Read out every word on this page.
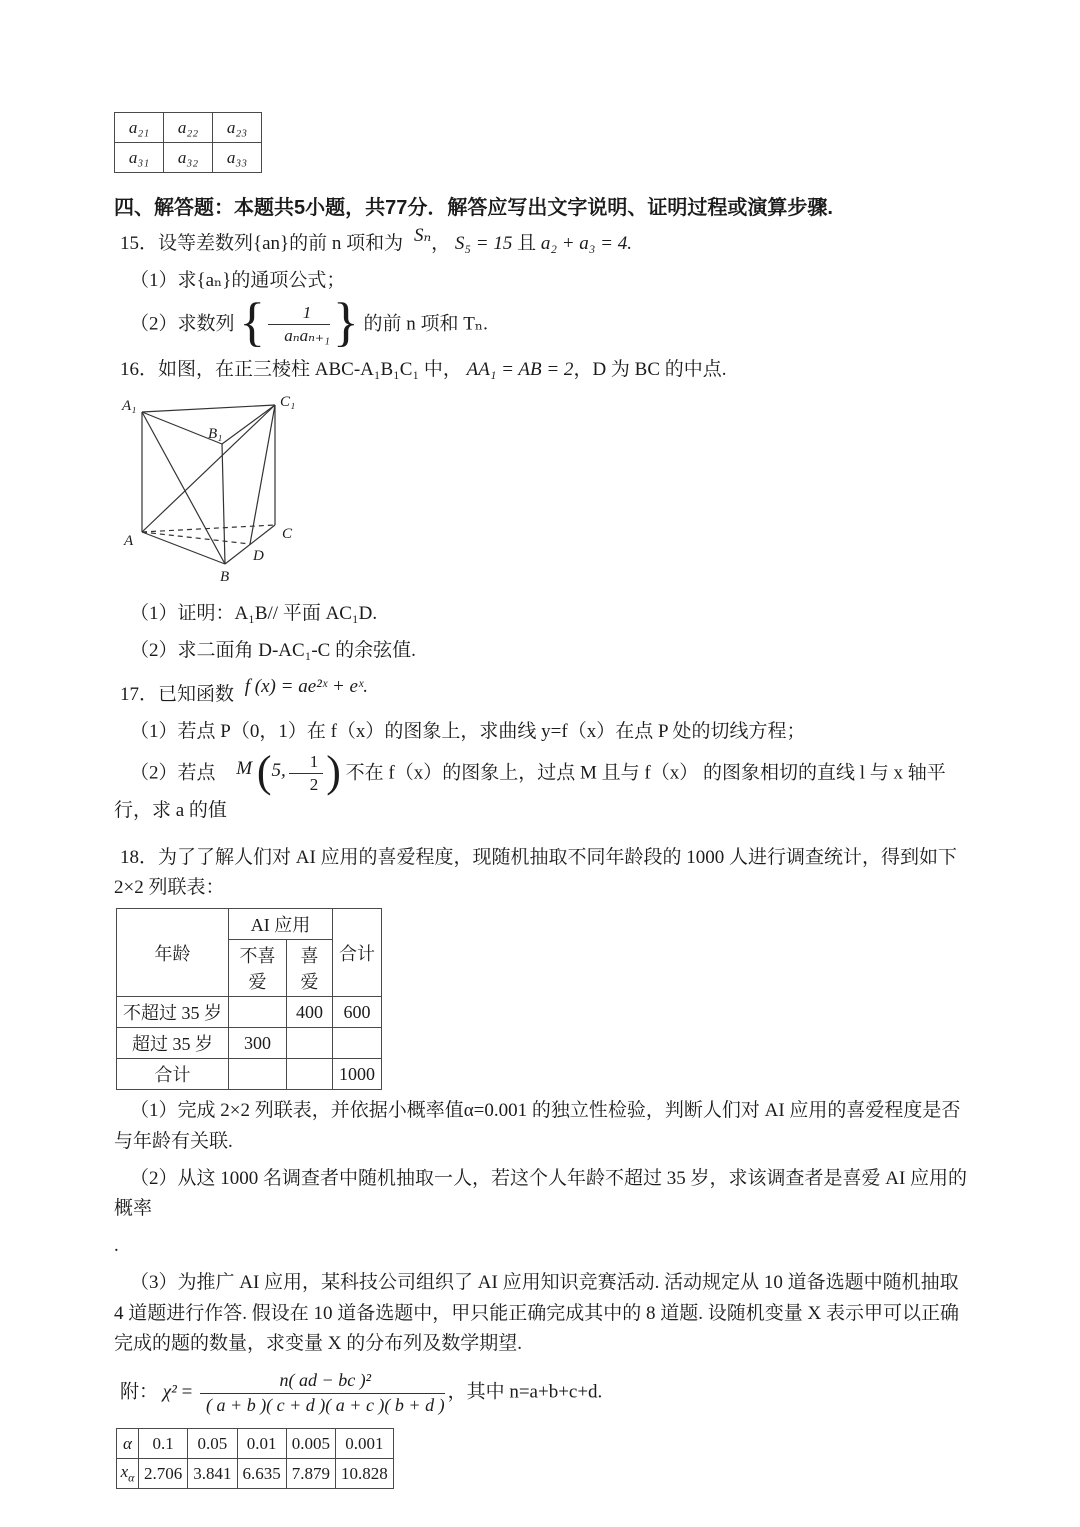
a₂₁	a₂₂	a₂₃
a₃₁	a₃₂	a₃₃
四、解答题：本题共5小题，共77分．解答应写出文字说明、证明过程或演算步骤.

15．设等差数列{an}的前 n 项和为 Sₙ， S₅ = 15 且 a₂ + a₃ = 4.

（1）求{aₙ}的通项公式；

（2）求数列 { $\frac{1}{\text{aₙaₙ₊₁}}$ } 的前 n 项和 Tₙ.

16．如图，在正三棱柱 ABC-A₁B₁C₁ 中， AA₁ = AB = 2，D 为 BC 的中点.

A₁
B₁
C₁
A
B
C
D

（1）证明：A₁B// 平面 AC₁D.

（2）求二面角 D-AC₁-C 的余弦值.

17．已知函数 f (x) = ae²ˣ + eˣ.

（1）若点 P（0，1）在 f（x）的图象上，求曲线 y=f（x）在点 P 处的切线方程；

（2）若点 M (5, $\frac{1}{2}$ ) 不在 f（x）的图象上，过点 M 且与 f（x） 的图象相切的直线 l 与 x 轴平行，求 a 的值

18．为了了解人们对 AI 应用的喜爱程度，现随机抽取不同年龄段的 1000 人进行调查统计，得到如下 2×2 列联表：

年龄	AI 应用		合计
	不喜爱	喜爱	
不超过 35 岁		400	600
超过 35 岁	300		
合计			1000

（1）完成 2×2 列联表，并依据小概率值α=0.001 的独立性检验，判断人们对 AI 应用的喜爱程度是否与年龄有关联.

（2）从这 1000 名调查者中随机抽取一人，若这个人年龄不超过 35 岁，求该调查者是喜爱 AI 应用的概率

.

（3）为推广 AI 应用，某科技公司组织了 AI 应用知识竞赛活动. 活动规定从 10 道备选题中随机抽取 4 道题进行作答. 假设在 10 道备选题中，甲只能正确完成其中的 8 道题. 设随机变量 X 表示甲可以正确完成的题的数量，求变量 X 的分布列及数学期望.

附： $\chi^2 = \frac{\text{n( ad − bc )²}}{( a + b )( c + d )( a + c )( b + d )}$ ，其中 n=a+b+c+d.

α	0.1	0.05	0.01	0.005	0.001
$x_\alpha$	2.706	3.841	6.635	7.879	10.828
